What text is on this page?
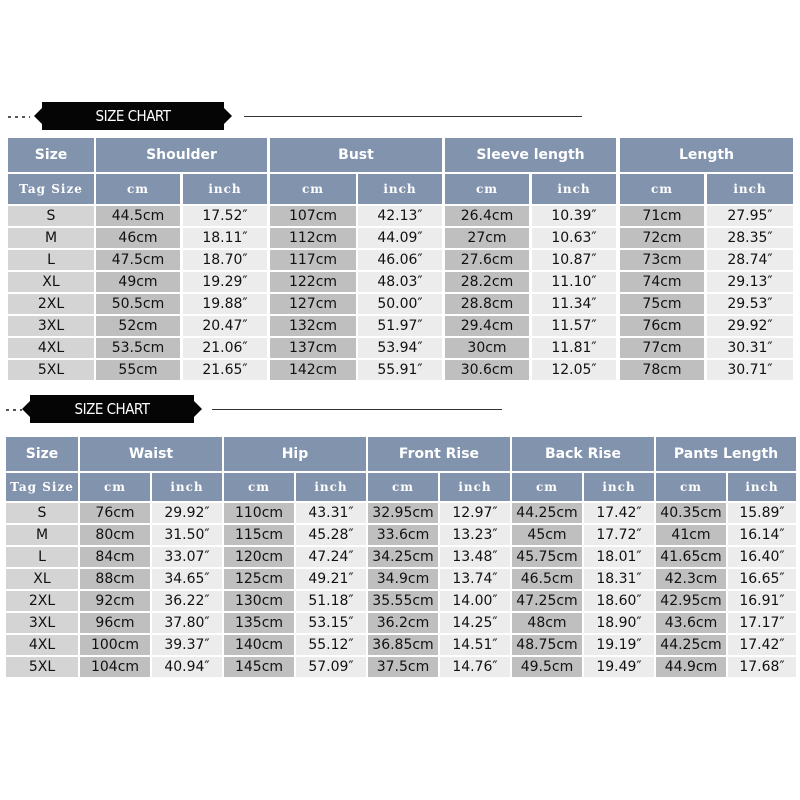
SIZE CHART
Size	Shoulder	Bust	Sleeve length	Length
Tag Size	cm	inch	cm	inch	cm	inch	cm	inch
S	44.5cm	17.52″	107cm	42.13″	26.4cm	10.39″	71cm	27.95″
M	46cm	18.11″	112cm	44.09″	27cm	10.63″	72cm	28.35″
L	47.5cm	18.70″	117cm	46.06″	27.6cm	10.87″	73cm	28.74″
XL	49cm	19.29″	122cm	48.03″	28.2cm	11.10″	74cm	29.13″
2XL	50.5cm	19.88″	127cm	50.00″	28.8cm	11.34″	75cm	29.53″
3XL	52cm	20.47″	132cm	51.97″	29.4cm	11.57″	76cm	29.92″
4XL	53.5cm	21.06″	137cm	53.94″	30cm	11.81″	77cm	30.31″
5XL	55cm	21.65″	142cm	55.91″	30.6cm	12.05″	78cm	30.71″
SIZE CHART
Size	Waist	Hip	Front Rise	Back Rise	Pants Length
Tag Size	cm	inch	cm	inch	cm	inch	cm	inch	cm	inch
S	76cm	29.92″	110cm	43.31″	32.95cm	12.97″	44.25cm	17.42″	40.35cm	15.89″
M	80cm	31.50″	115cm	45.28″	33.6cm	13.23″	45cm	17.72″	41cm	16.14″
L	84cm	33.07″	120cm	47.24″	34.25cm	13.48″	45.75cm	18.01″	41.65cm	16.40″
XL	88cm	34.65″	125cm	49.21″	34.9cm	13.74″	46.5cm	18.31″	42.3cm	16.65″
2XL	92cm	36.22″	130cm	51.18″	35.55cm	14.00″	47.25cm	18.60″	42.95cm	16.91″
3XL	96cm	37.80″	135cm	53.15″	36.2cm	14.25″	48cm	18.90″	43.6cm	17.17″
4XL	100cm	39.37″	140cm	55.12″	36.85cm	14.51″	48.75cm	19.19″	44.25cm	17.42″
5XL	104cm	40.94″	145cm	57.09″	37.5cm	14.76″	49.5cm	19.49″	44.9cm	17.68″
